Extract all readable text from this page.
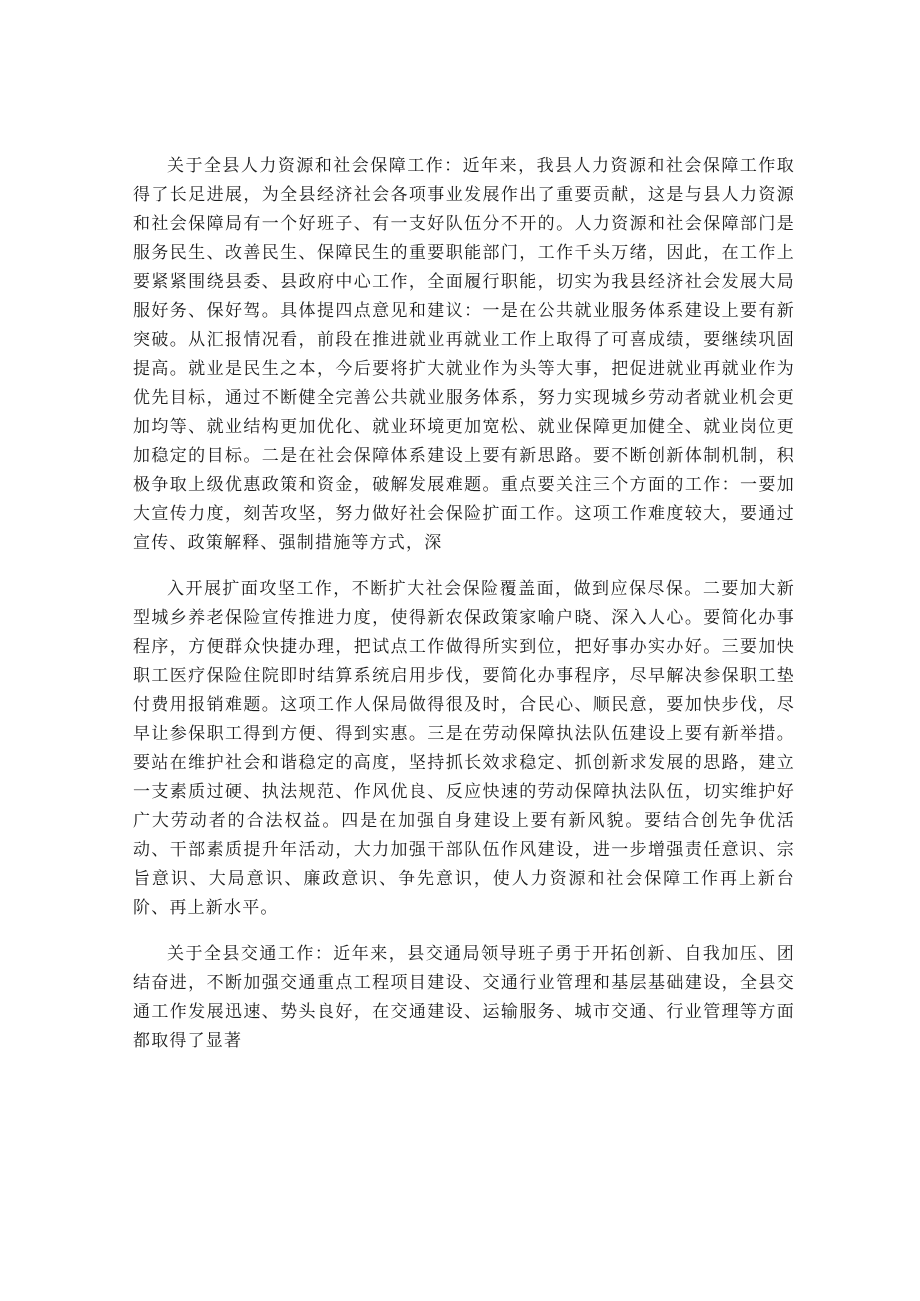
关于全县人力资源和社会保障工作：近年来，我县人力资源和社会保障工作取得了长足进展，为全县经济社会各项事业发展作出了重要贡献，这是与县人力资源和社会保障局有一个好班子、有一支好队伍分不开的。人力资源和社会保障部门是服务民生、改善民生、保障民生的重要职能部门，工作千头万绪，因此，在工作上要紧紧围绕县委、县政府中心工作，全面履行职能，切实为我县经济社会发展大局服好务、保好驾。具体提四点意见和建议：一是在公共就业服务体系建设上要有新突破。从汇报情况看，前段在推进就业再就业工作上取得了可喜成绩，要继续巩固提高。就业是民生之本，今后要将扩大就业作为头等大事，把促进就业再就业作为优先目标，通过不断健全完善公共就业服务体系，努力实现城乡劳动者就业机会更加均等、就业结构更加优化、就业环境更加宽松、就业保障更加健全、就业岗位更加稳定的目标。二是在社会保障体系建设上要有新思路。要不断创新体制机制，积极争取上级优惠政策和资金，破解发展难题。重点要关注三个方面的工作：一要加大宣传力度，刻苦攻坚，努力做好社会保险扩面工作。这项工作难度较大，要通过宣传、政策解释、强制措施等方式，深

入开展扩面攻坚工作，不断扩大社会保险覆盖面，做到应保尽保。二要加大新型城乡养老保险宣传推进力度，使得新农保政策家喻户晓、深入人心。要简化办事程序，方便群众快捷办理，把试点工作做得所实到位，把好事办实办好。三要加快职工医疗保险住院即时结算系统启用步伐，要简化办事程序，尽早解决参保职工垫付费用报销难题。这项工作人保局做得很及时，合民心、顺民意，要加快步伐，尽早让参保职工得到方便、得到实惠。三是在劳动保障执法队伍建设上要有新举措。要站在维护社会和谐稳定的高度，坚持抓长效求稳定、抓创新求发展的思路，建立一支素质过硬、执法规范、作风优良、反应快速的劳动保障执法队伍，切实维护好广大劳动者的合法权益。四是在加强自身建设上要有新风貌。要结合创先争优活动、干部素质提升年活动，大力加强干部队伍作风建设，进一步增强责任意识、宗旨意识、大局意识、廉政意识、争先意识，使人力资源和社会保障工作再上新台阶、再上新水平。

关于全县交通工作：近年来，县交通局领导班子勇于开拓创新、自我加压、团结奋进，不断加强交通重点工程项目建设、交通行业管理和基层基础建设，全县交通工作发展迅速、势头良好，在交通建设、运输服务、城市交通、行业管理等方面都取得了显著
